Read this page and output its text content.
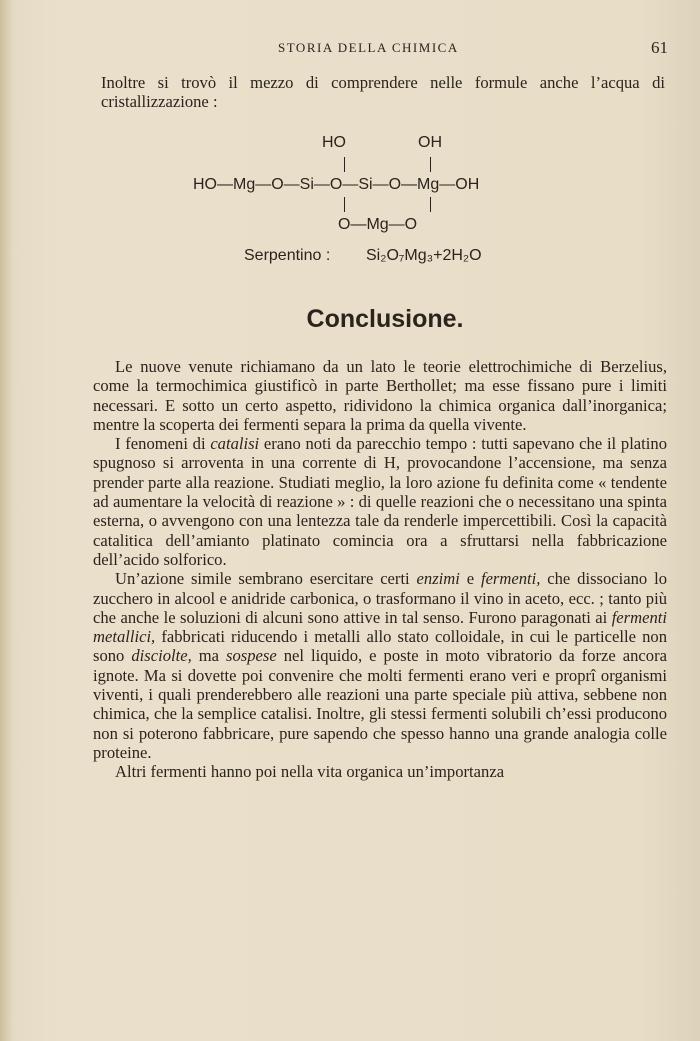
STORIA DELLA CHIMICA	61
Inoltre si trovò il mezzo di comprendere nelle formule anche l’acqua di cristallizzazione :
HO	OH
HO—Mg—O—Si—O—Si—O—Mg—OH
O—Mg—O
Serpentino : Si₂O₇Mg₃+2H₂O
Conclusione.

Le nuove venute richiamano da un lato le teorie elettrochimiche di Berzelius, come la termochimica giustificò in parte Berthollet; ma esse fissano pure i limiti necessari. E sotto un certo aspetto, ridividono la chimica organica dall’inorganica; mentre la scoperta dei fermenti separa la prima da quella vivente.

I fenomeni di catalisi erano noti da parecchio tempo : tutti sapevano che il platino spugnoso si arroventa in una corrente di H, provocandone l’accensione, ma senza prender parte alla reazione. Studiati meglio, la loro azione fu definita come « tendente ad aumentare la velocità di reazione » : di quelle reazioni che o necessitano una spinta esterna, o avvengono con una lentezza tale da renderle impercettibili. Così la capacità catalitica dell’amianto platinato comincia ora a sfruttarsi nella fabbricazione dell’acido solforico.

Un’azione simile sembrano esercitare certi enzimi e fermenti, che dissociano lo zucchero in alcool e anidride carbonica, o trasformano il vino in aceto, ecc. ; tanto più che anche le soluzioni di alcuni sono attive in tal senso. Furono paragonati ai fermenti metallici, fabbricati riducendo i metalli allo stato colloidale, in cui le particelle non sono disciolte, ma sospese nel liquido, e poste in moto vibratorio da forze ancora ignote. Ma si dovette poi convenire che molti fermenti erano veri e proprî organismi viventi, i quali prenderebbero alle reazioni una parte speciale più attiva, sebbene non chimica, che la semplice catalisi. Inoltre, gli stessi fermenti solubili ch’essi producono non si poterono fabbricare, pure sapendo che spesso hanno una grande analogia colle proteine.

Altri fermenti hanno poi nella vita organica un’importanza
